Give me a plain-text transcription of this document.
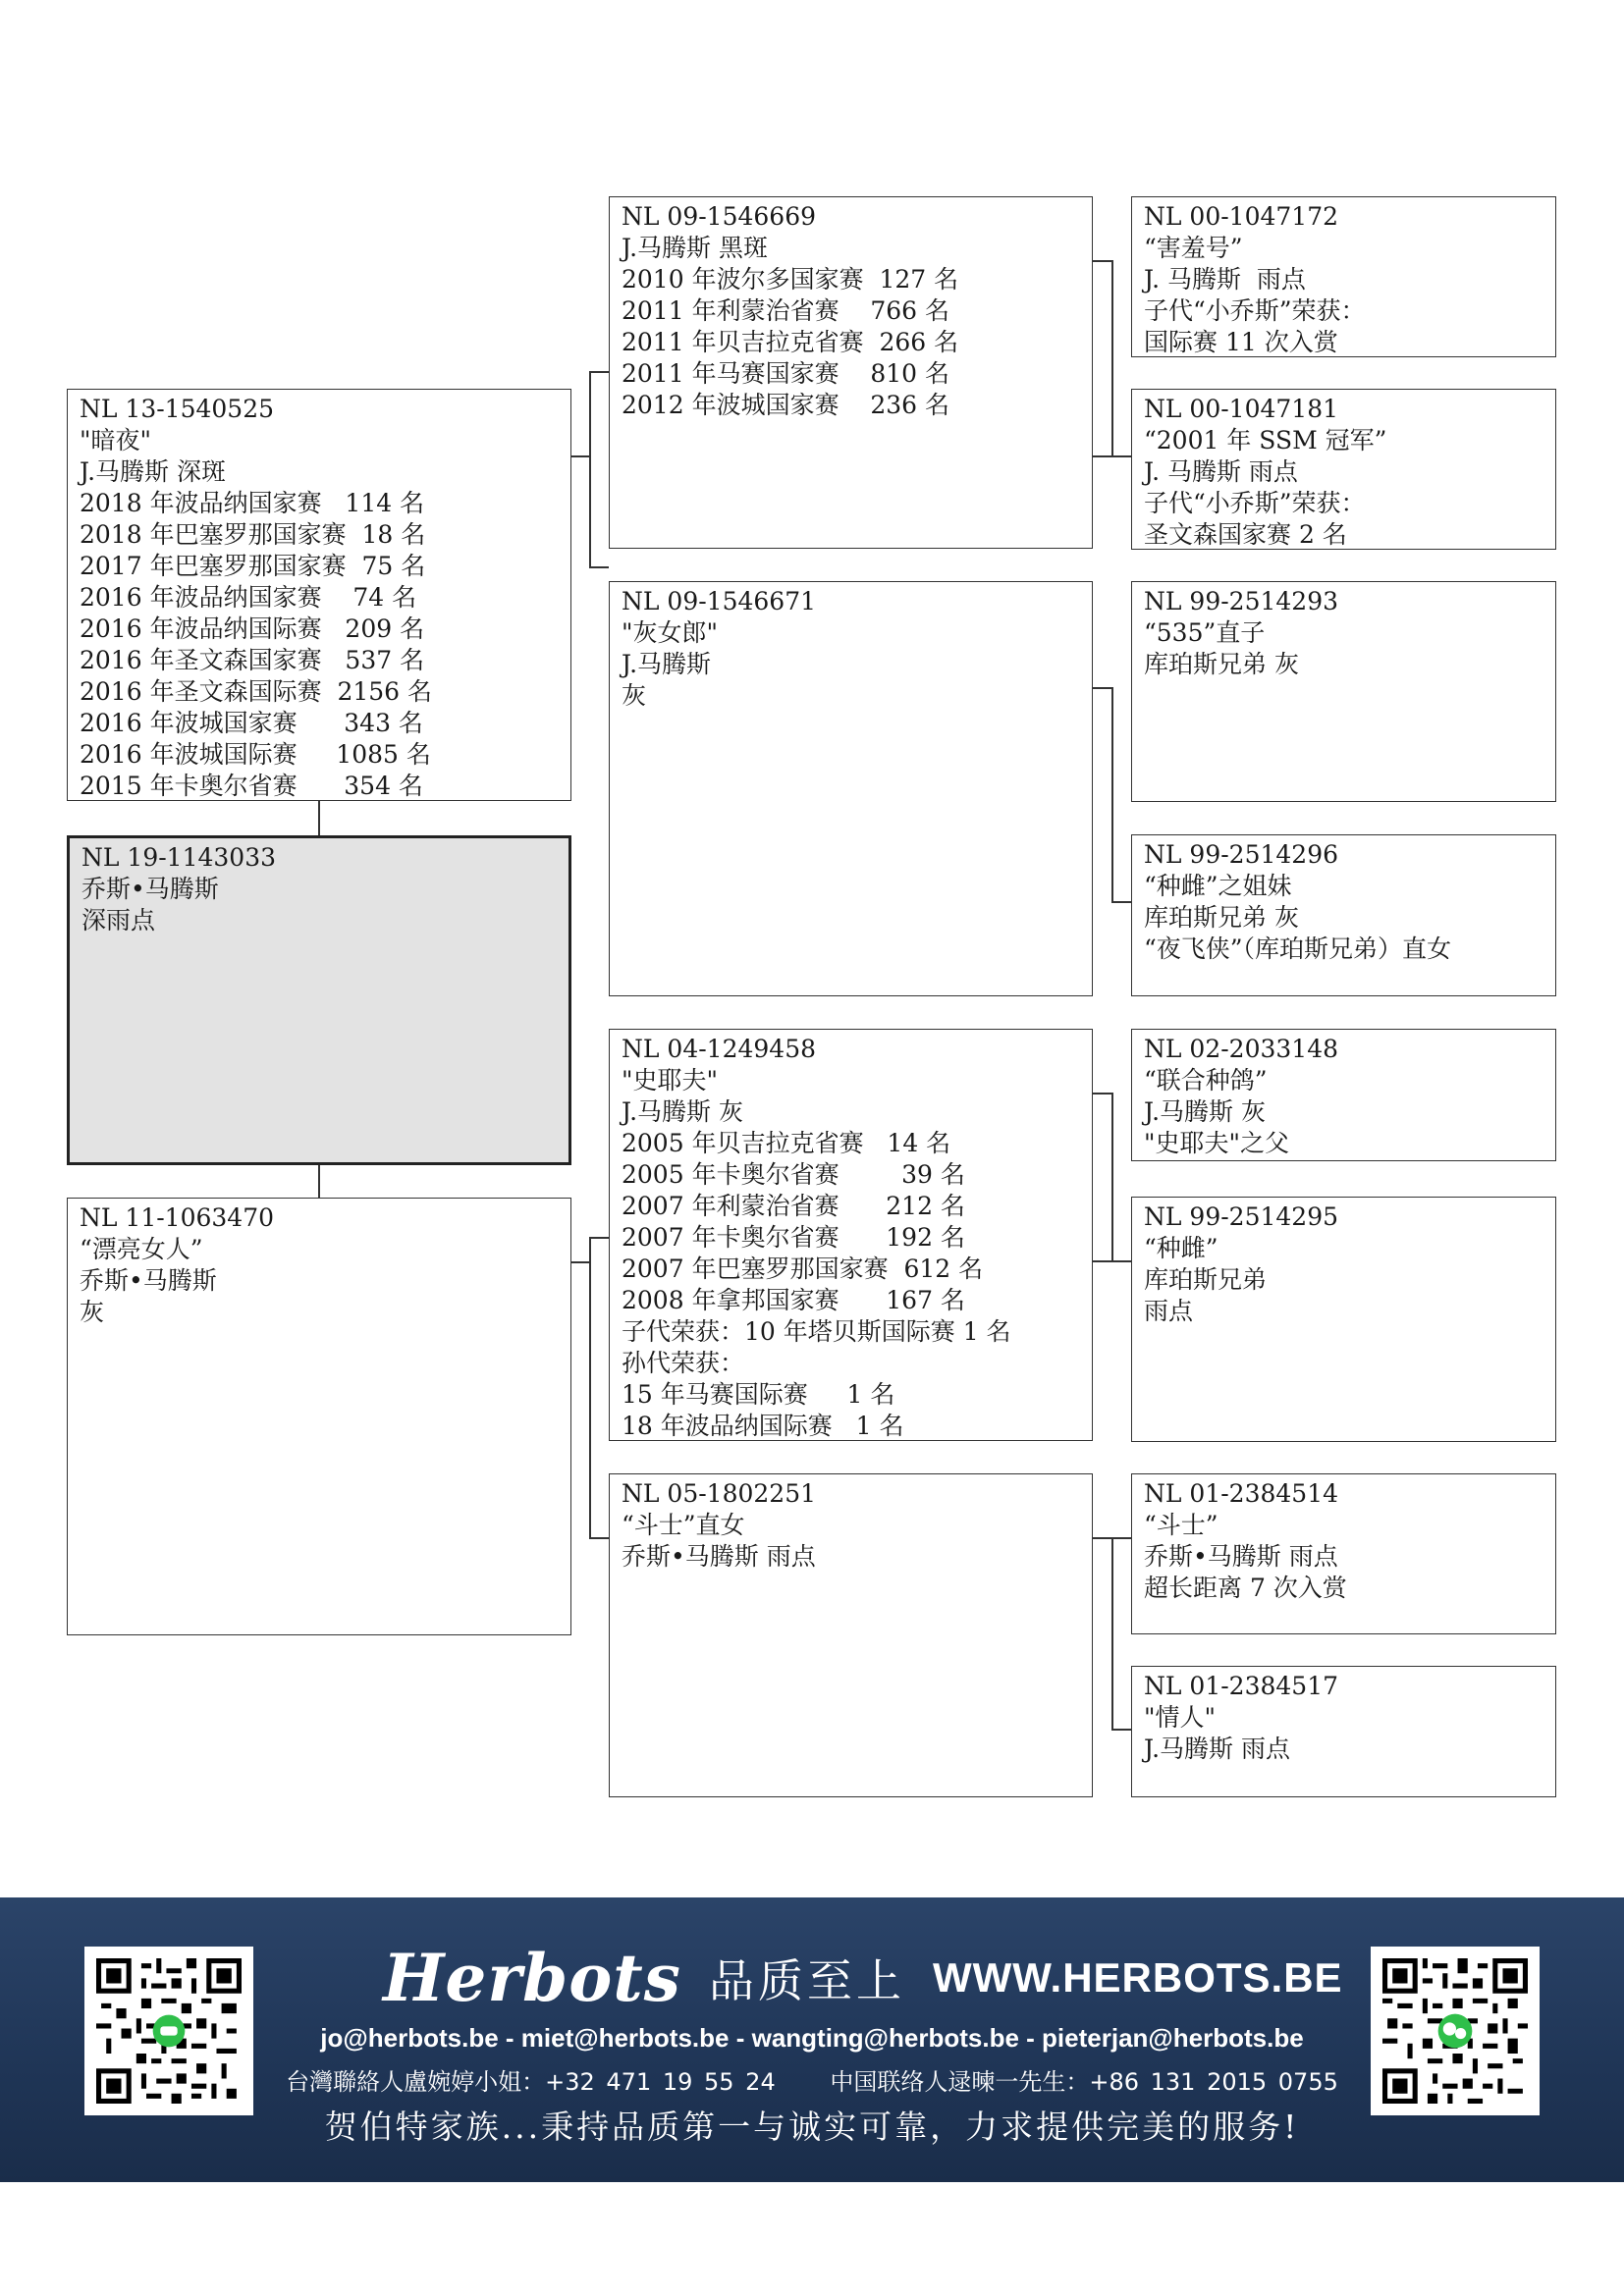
NL 13-1540525
"暗夜"
J.马腾斯 深斑
2018 年波品纳国家赛   114 名
2018 年巴塞罗那国家赛  18 名
2017 年巴塞罗那国家赛  75 名
2016 年波品纳国家赛    74 名
2016 年波品纳国际赛   209 名
2016 年圣文森国家赛   537 名
2016 年圣文森国际赛  2156 名
2016 年波城国家赛      343 名
2016 年波城国际赛     1085 名
2015 年卡奥尔省赛      354 名
NL 19-1143033
乔斯•马腾斯
深雨点
NL 11-1063470
“漂亮女人”
乔斯•马腾斯
灰
NL 09-1546669
J.马腾斯 黑斑
2010 年波尔多国家赛  127 名
2011 年利蒙治省赛    766 名
2011 年贝吉拉克省赛  266 名
2011 年马赛国家赛    810 名
2012 年波城国家赛    236 名
NL 09-1546671
"灰女郎"
J.马腾斯
灰
NL 04-1249458
"史耶夫"
J.马腾斯 灰
2005 年贝吉拉克省赛   14 名
2005 年卡奥尔省赛        39 名
2007 年利蒙治省赛      212 名
2007 年卡奥尔省赛      192 名
2007 年巴塞罗那国家赛  612 名
2008 年拿邦国家赛      167 名
子代荣获：10 年塔贝斯国际赛 1 名
孙代荣获：
15 年马赛国际赛     1 名
18 年波品纳国际赛   1 名
NL 05-1802251
“斗士”直女
乔斯•马腾斯 雨点
NL 00-1047172
“害羞号”
J. 马腾斯  雨点
子代“小乔斯”荣获：
国际赛 11 次入赏
NL 00-1047181
“2001 年 SSM 冠军”
J. 马腾斯 雨点
子代“小乔斯”荣获：
圣文森国家赛 2 名
NL 99-2514293
“535”直子
库珀斯兄弟 灰
NL 99-2514296
“种雌”之姐妹
库珀斯兄弟 灰
“夜飞侠”（库珀斯兄弟）直女
NL 02-2033148
“联合种鸽”
J.马腾斯 灰
"史耶夫"之父
NL 99-2514295
“种雌”
库珀斯兄弟
雨点
NL 01-2384514
“斗士”
乔斯•马腾斯 雨点
超长距离 7 次入赏
NL 01-2384517
"情人"
J.马腾斯 雨点
Herbots 品质至上 WWW.HERBOTS.BE
jo@herbots.be - miet@herbots.be - wangting@herbots.be - pieterjan@herbots.be
台灣聯絡人盧婉婷小姐：+32 471 19 55 24 中国联络人逯暕一先生：+86 131 2015 0755
贺伯特家族...秉持品质第一与诚实可靠，力求提供完美的服务!
